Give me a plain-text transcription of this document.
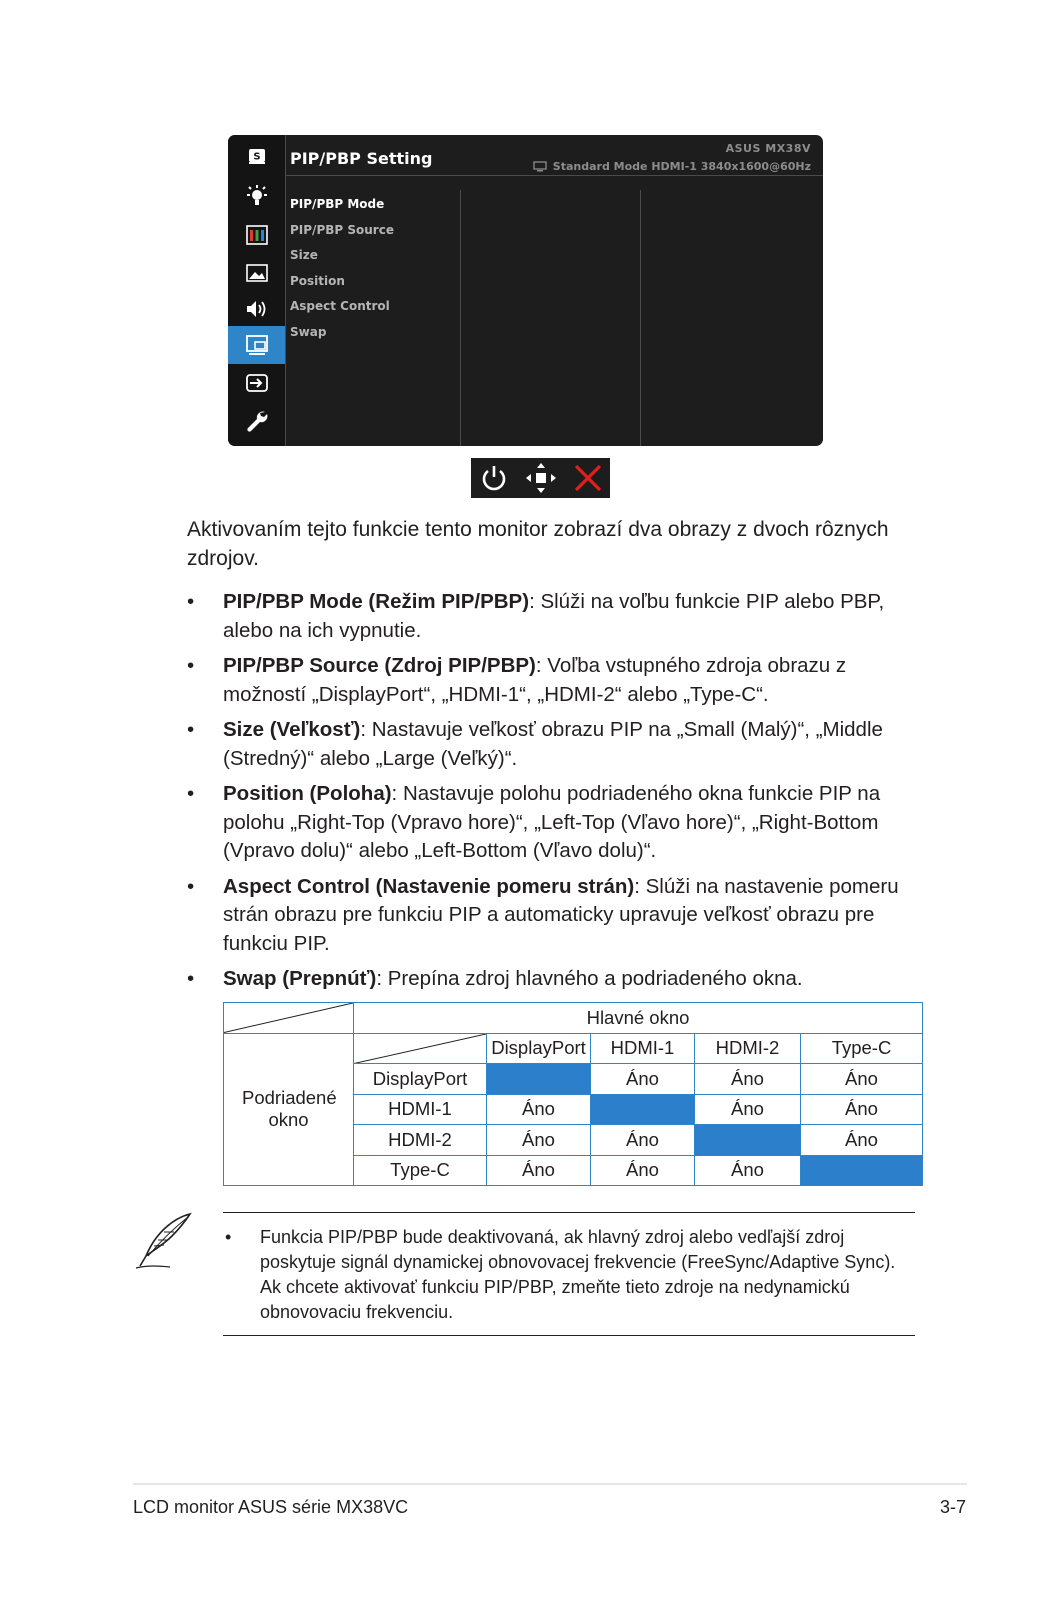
S PIP/PBP Setting
ASUS MX38V
Standard Mode HDMI-1 3840x1600@60Hz
PIP/PBP Mode
PIP/PBP Source
Size
Position
Aspect Control
Swap
Aktivovaním tejto funkcie tento monitor zobrazí dva obrazy z dvoch rôznych zdrojov.
• PIP/PBP Mode (Režim PIP/PBP): Slúži na voľbu funkcie PIP alebo PBP, alebo na ich vypnutie.
• PIP/PBP Source (Zdroj PIP/PBP): Voľba vstupného zdroja obrazu z možností „DisplayPort“, „HDMI-1“, „HDMI-2“ alebo „Type-C“.
• Size (Veľkosť): Nastavuje veľkosť obrazu PIP na „Small (Malý)“, „Middle (Stredný)“ alebo „Large (Veľký)“.
• Position (Poloha): Nastavuje polohu podriadeného okna funkcie PIP na polohu „Right-Top (Vpravo hore)“, „Left-Top (Vľavo hore)“, „Right-Bottom (Vpravo dolu)“ alebo „Left-Bottom (Vľavo dolu)“.
• Aspect Control (Nastavenie pomeru strán): Slúži na nastavenie pomeru strán obrazu pre funkciu PIP a automaticky upravuje veľkosť obrazu pre funkciu PIP.
• Swap (Prepnúť): Prepína zdroj hlavného a podriadeného okna.
	Hlavné okno				
Podriadené okno		DisplayPort	HDMI-1	HDMI-2	Type-C
	DisplayPort		Áno	Áno	Áno
	HDMI-1	Áno		Áno	Áno
	HDMI-2	Áno	Áno		Áno
	Type-C	Áno	Áno	Áno	
• Funkcia PIP/PBP bude deaktivovaná, ak hlavný zdroj alebo vedľajší zdroj poskytuje signál dynamickej obnovovacej frekvencie (FreeSync/Adaptive Sync). Ak chcete aktivovať funkciu PIP/PBP, zmeňte tieto zdroje na nedynamickú obnovovaciu frekvenciu.
LCD monitor ASUS série MX38VC	3-7
